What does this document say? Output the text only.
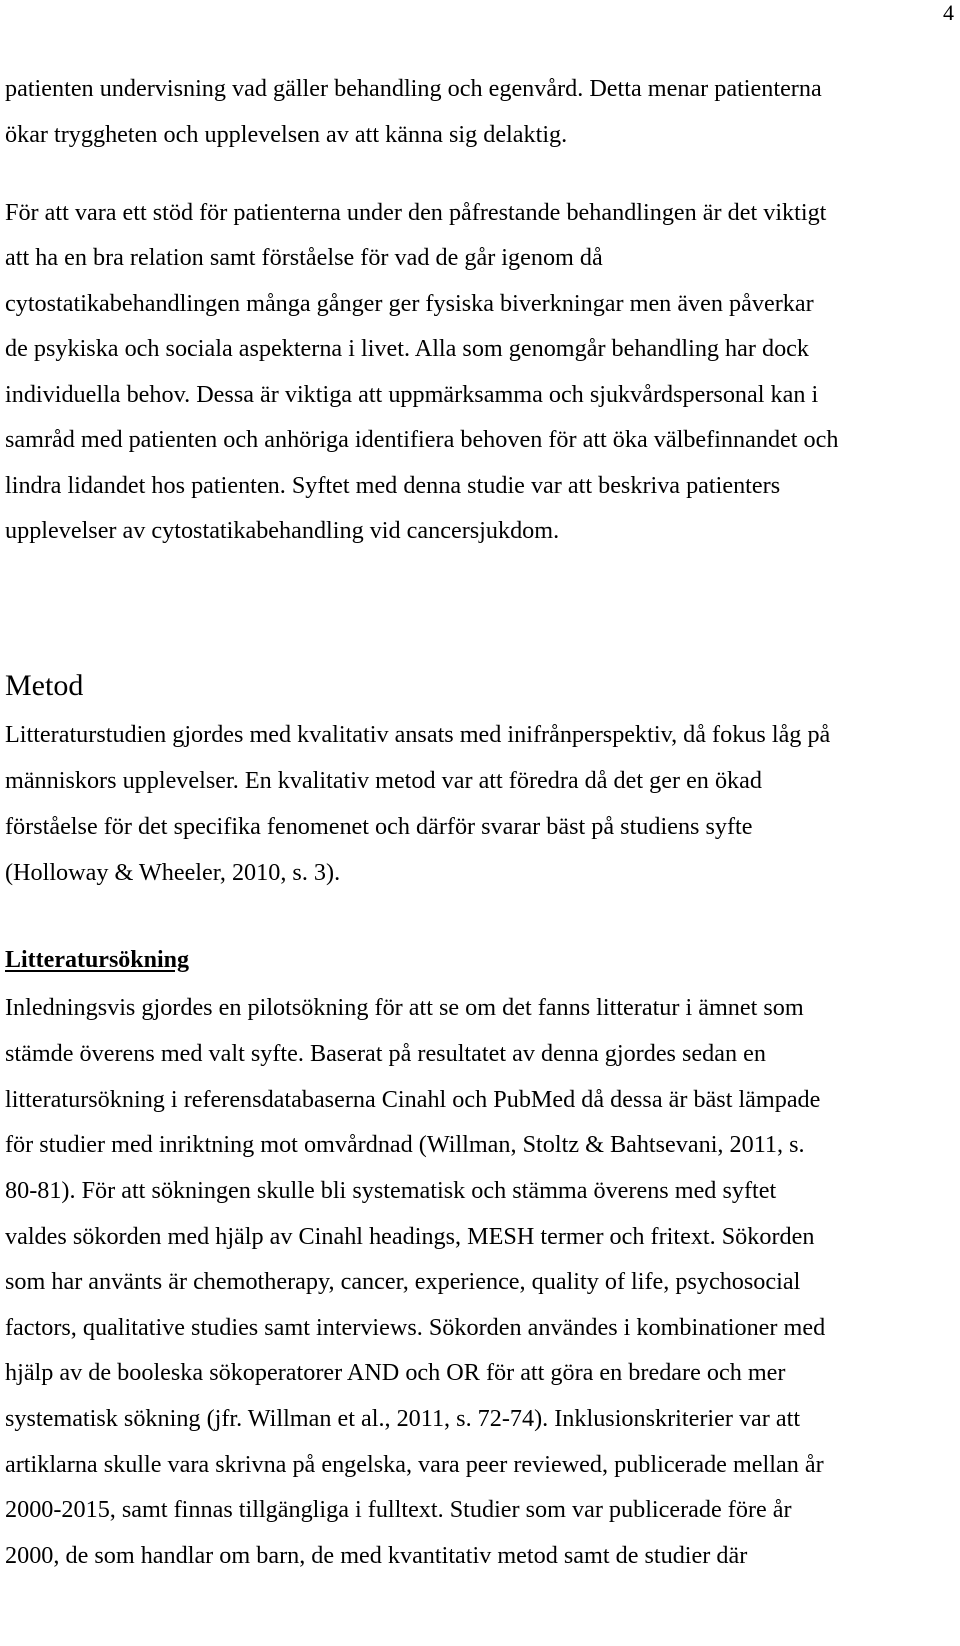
4
patienten undervisning vad gäller behandling och egenvård. Detta menar patienterna
ökar tryggheten och upplevelsen av att känna sig delaktig.
För att vara ett stöd för patienterna under den påfrestande behandlingen är det viktigt
att ha en bra relation samt förståelse för vad de går igenom då
cytostatikabehandlingen många gånger ger fysiska biverkningar men även påverkar
de psykiska och sociala aspekterna i livet. Alla som genomgår behandling har dock
individuella behov. Dessa är viktiga att uppmärksamma och sjukvårdspersonal kan i
samråd med patienten och anhöriga identifiera behoven för att öka välbefinnandet och
lindra lidandet hos patienten. Syftet med denna studie var att beskriva patienters
upplevelser av cytostatikabehandling vid cancersjukdom.
Metod
Litteraturstudien gjordes med kvalitativ ansats med inifrånperspektiv, då fokus låg på
människors upplevelser. En kvalitativ metod var att föredra då det ger en ökad
förståelse för det specifika fenomenet och därför svarar bäst på studiens syfte
(Holloway & Wheeler, 2010, s. 3).
Litteratursökning
Inledningsvis gjordes en pilotsökning för att se om det fanns litteratur i ämnet som
stämde överens med valt syfte. Baserat på resultatet av denna gjordes sedan en
litteratursökning i referensdatabaserna Cinahl och PubMed då dessa är bäst lämpade
för studier med inriktning mot omvårdnad (Willman, Stoltz & Bahtsevani, 2011, s.
80-81). För att sökningen skulle bli systematisk och stämma överens med syftet
valdes sökorden med hjälp av Cinahl headings, MESH termer och fritext. Sökorden
som har använts är chemotherapy, cancer, experience, quality of life, psychosocial
factors, qualitative studies samt interviews. Sökorden användes i kombinationer med
hjälp av de booleska sökoperatorer AND och OR för att göra en bredare och mer
systematisk sökning (jfr. Willman et al., 2011, s. 72-74). Inklusionskriterier var att
artiklarna skulle vara skrivna på engelska, vara peer reviewed, publicerade mellan år
2000-2015, samt finnas tillgängliga i fulltext. Studier som var publicerade före år
2000, de som handlar om barn, de med kvantitativ metod samt de studier där
